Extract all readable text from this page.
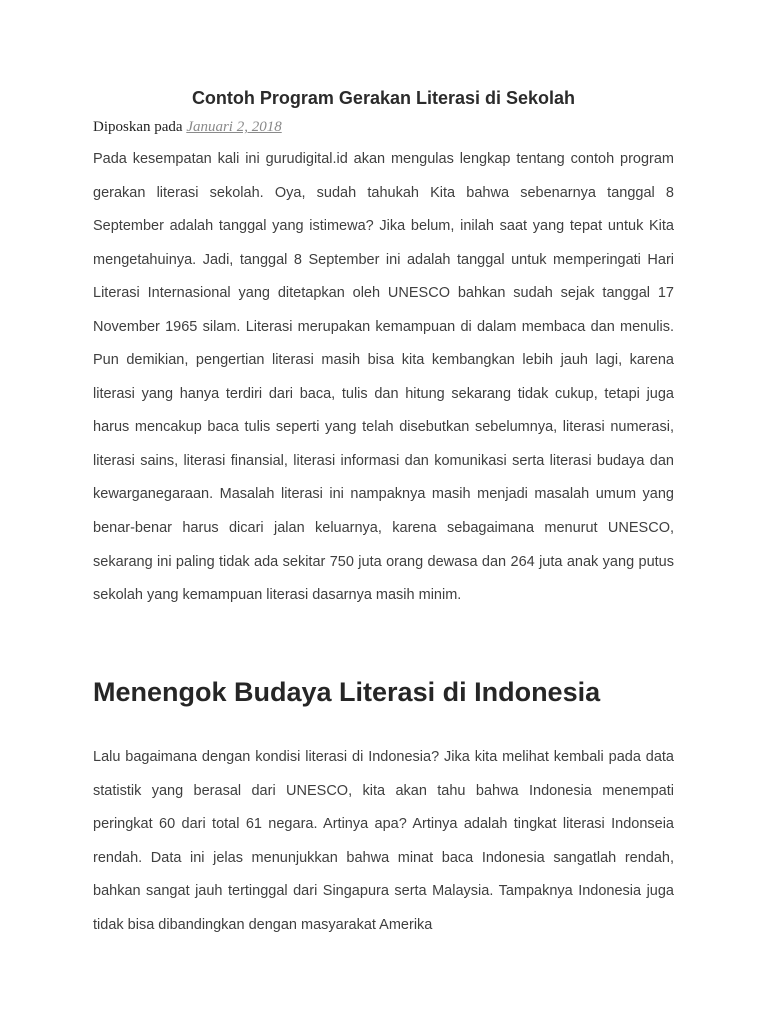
Contoh Program Gerakan Literasi di Sekolah
Diposkan pada Januari 2, 2018

Pada kesempatan kali ini gurudigital.id akan mengulas lengkap tentang contoh program gerakan literasi sekolah. Oya, sudah tahukah Kita bahwa sebenarnya tanggal 8 September adalah tanggal yang istimewa? Jika belum, inilah saat yang tepat untuk Kita mengetahuinya. Jadi, tanggal 8 September ini adalah tanggal untuk memperingati Hari Literasi Internasional yang ditetapkan oleh UNESCO bahkan sudah sejak tanggal 17 November 1965 silam. Literasi merupakan kemampuan di dalam membaca dan menulis. Pun demikian, pengertian literasi masih bisa kita kembangkan lebih jauh lagi, karena literasi yang hanya terdiri dari baca, tulis dan hitung sekarang tidak cukup, tetapi juga harus mencakup baca tulis seperti yang telah disebutkan sebelumnya, literasi numerasi, literasi sains, literasi finansial, literasi informasi dan komunikasi serta literasi budaya dan kewarganegaraan. Masalah literasi ini nampaknya masih menjadi masalah umum yang benar-benar harus dicari jalan keluarnya, karena sebagaimana menurut UNESCO, sekarang ini paling tidak ada sekitar 750 juta orang dewasa dan 264 juta anak yang putus sekolah yang kemampuan literasi dasarnya masih minim.

Menengok Budaya Literasi di Indonesia

Lalu bagaimana dengan kondisi literasi di Indonesia? Jika kita melihat kembali pada data statistik yang berasal dari UNESCO, kita akan tahu bahwa Indonesia menempati peringkat 60 dari total 61 negara. Artinya apa? Artinya adalah tingkat literasi Indonseia rendah. Data ini jelas menunjukkan bahwa minat baca Indonesia sangatlah rendah, bahkan sangat jauh tertinggal dari Singapura serta Malaysia. Tampaknya Indonesia juga tidak bisa dibandingkan dengan masyarakat Amerika
